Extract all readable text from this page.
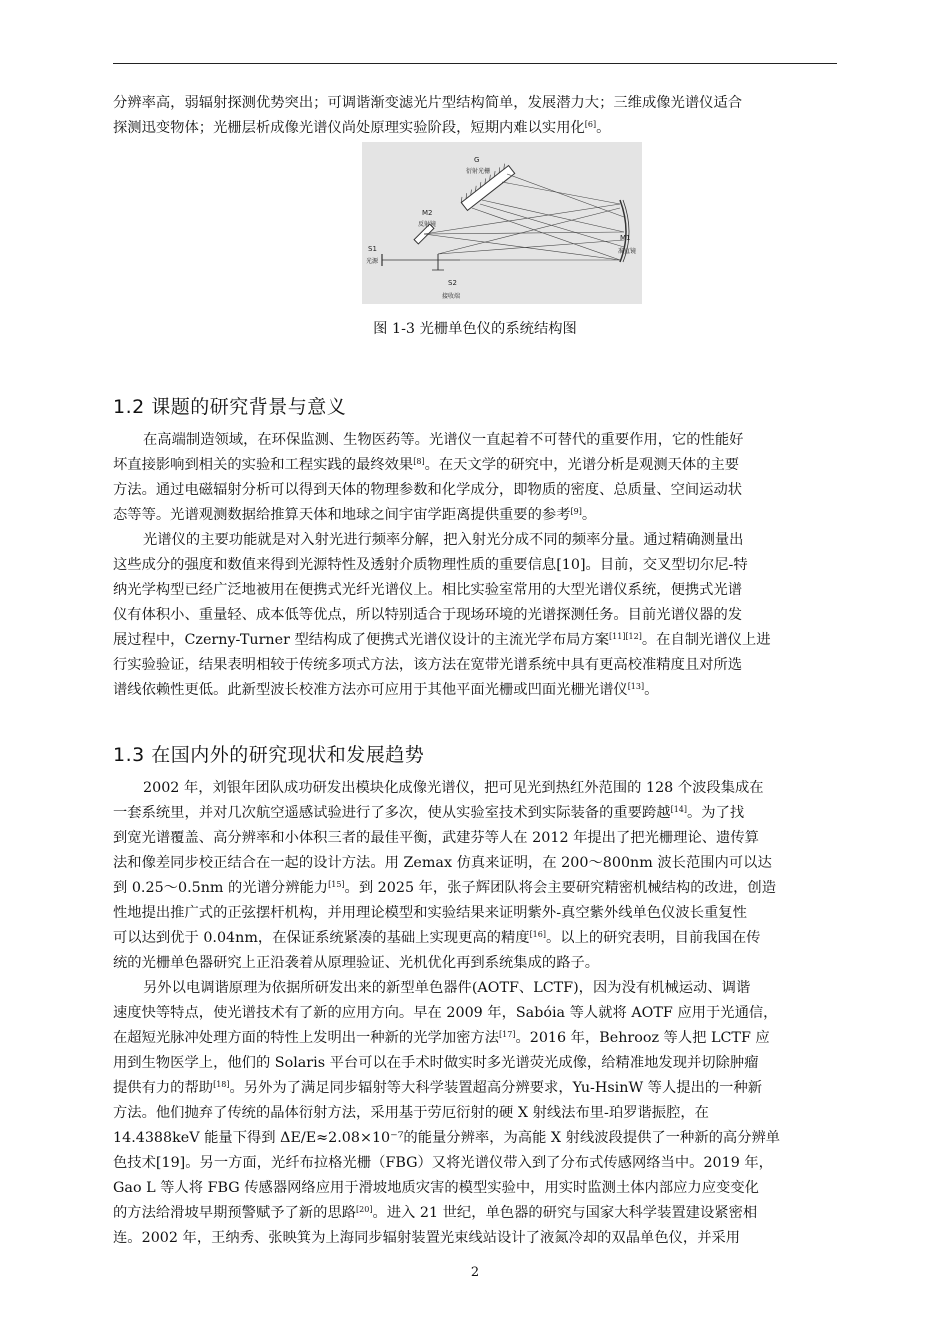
分辨率高，弱辐射探测优势突出；可调谐渐变滤光片型结构简单，发展潜力大；三维成像光谱仪适合
探测迅变物体；光栅层析成像光谱仪尚处原理实验阶段，短期内难以实用化[6]。
G
衍射光栅
M2
反射镜
S1
光源
M1
准直镜
S2
接收端
图 1-3 光栅单色仪的系统结构图
1.2 课题的研究背景与意义
在高端制造领域，在环保监测、生物医药等。光谱仪一直起着不可替代的重要作用，它的性能好
坏直接影响到相关的实验和工程实践的最终效果[8]。在天文学的研究中，光谱分析是观测天体的主要
方法。通过电磁辐射分析可以得到天体的物理参数和化学成分，即物质的密度、总质量、空间运动状
态等等。光谱观测数据给推算天体和地球之间宇宙学距离提供重要的参考[9]。
光谱仪的主要功能就是对入射光进行频率分解，把入射光分成不同的频率分量。通过精确测量出
这些成分的强度和数值来得到光源特性及透射介质物理性质的重要信息[10]。目前，交叉型切尔尼-特
纳光学构型已经广泛地被用在便携式光纤光谱仪上。相比实验室常用的大型光谱仪系统，便携式光谱
仪有体积小、重量轻、成本低等优点，所以特别适合于现场环境的光谱探测任务。目前光谱仪器的发
展过程中，Czerny-Turner 型结构成了便携式光谱仪设计的主流光学布局方案[11][12]。在自制光谱仪上进
行实验验证，结果表明相较于传统多项式方法，该方法在宽带光谱系统中具有更高校准精度且对所选
谱线依赖性更低。此新型波长校准方法亦可应用于其他平面光栅或凹面光栅光谱仪[13]。
1.3 在国内外的研究现状和发展趋势
2002 年，刘银年团队成功研发出模块化成像光谱仪，把可见光到热红外范围的 128 个波段集成在
一套系统里，并对几次航空遥感试验进行了多次，使从实验室技术到实际装备的重要跨越[14]。为了找
到宽光谱覆盖、高分辨率和小体积三者的最佳平衡，武建芬等人在 2012 年提出了把光栅理论、遗传算
法和像差同步校正结合在一起的设计方法。用 Zemax 仿真来证明，在 200～800nm 波长范围内可以达
到 0.25～0.5nm 的光谱分辨能力[15]。到 2025 年，张子辉团队将会主要研究精密机械结构的改进，创造
性地提出推广式的正弦摆杆机构，并用理论模型和实验结果来证明紫外-真空紫外线单色仪波长重复性
可以达到优于 0.04nm，在保证系统紧凑的基础上实现更高的精度[16]。以上的研究表明，目前我国在传
统的光栅单色器研究上正沿袭着从原理验证、光机优化再到系统集成的路子。
另外以电调谐原理为依据所研发出来的新型单色器件(AOTF、LCTF)，因为没有机械运动、调谐
速度快等特点，使光谱技术有了新的应用方向。早在 2009 年，Sabóia 等人就将 AOTF 应用于光通信，
在超短光脉冲处理方面的特性上发明出一种新的光学加密方法[17]。2016 年，Behrooz 等人把 LCTF 应
用到生物医学上，他们的 Solaris 平台可以在手术时做实时多光谱荧光成像，给精准地发现并切除肿瘤
提供有力的帮助[18]。另外为了满足同步辐射等大科学装置超高分辨要求，Yu-HsinW 等人提出的一种新
方法。他们抛弃了传统的晶体衍射方法，采用基于劳厄衍射的硬 X 射线法布里-珀罗谐振腔，在
14.4388keV 能量下得到 ΔE/E≈2.08×10⁻⁷的能量分辨率，为高能 X 射线波段提供了一种新的高分辨单
色技术[19]。另一方面，光纤布拉格光栅（FBG）又将光谱仪带入到了分布式传感网络当中。2019 年，
Gao L 等人将 FBG 传感器网络应用于滑坡地质灾害的模型实验中，用实时监测土体内部应力应变变化
的方法给滑坡早期预警赋予了新的思路[20]。进入 21 世纪，单色器的研究与国家大科学装置建设紧密相
连。2002 年，王纳秀、张映箕为上海同步辐射装置光束线站设计了液氮冷却的双晶单色仪，并采用
2
